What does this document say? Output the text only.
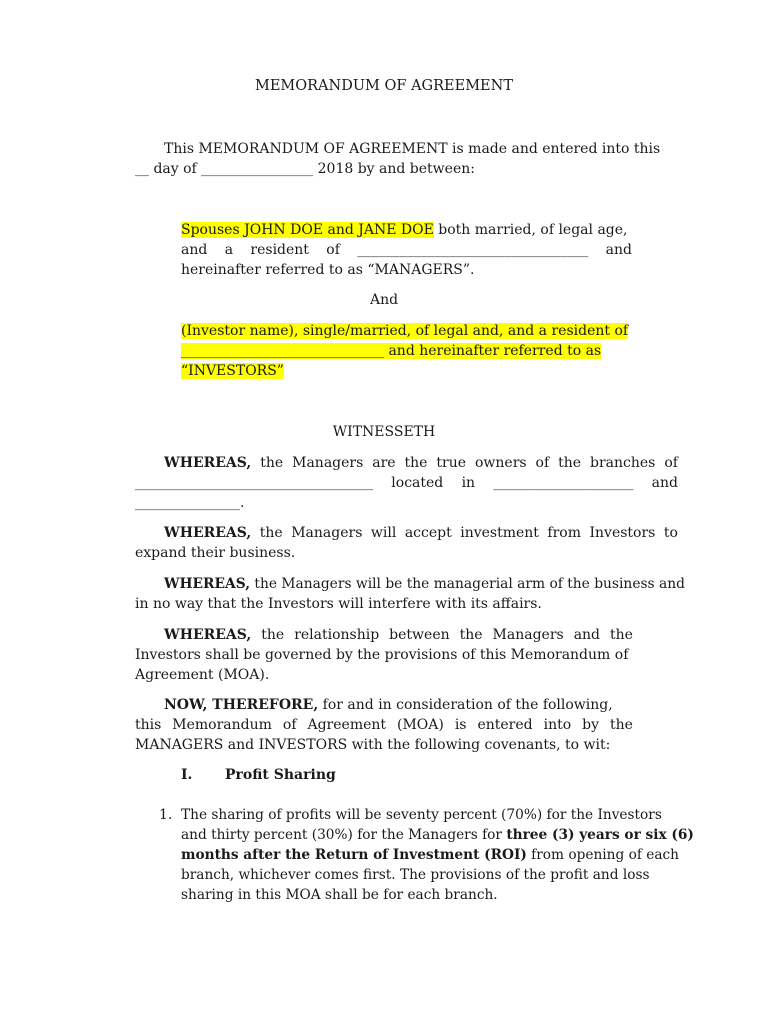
MEMORANDUM OF AGREEMENT
This MEMORANDUM OF AGREEMENT is made and entered into this
__ day of ________________ 2018 by and between:
Spouses JOHN DOE and JANE DOE both married, of legal age,
and a resident of _________________________________ and
hereinafter referred to as “MANAGERS”.
And
(Investor name), single/married, of legal and, and a resident of
_____________________________ and hereinafter referred to as
“INVESTORS”
WITNESSETH
WHEREAS, the Managers are the true owners of the branches of
__________________________________ located in ____________________ and
_______________.
WHEREAS, the Managers will accept investment from Investors to
expand their business.
WHEREAS, the Managers will be the managerial arm of the business and
in no way that the Investors will interfere with its affairs.
WHEREAS, the relationship between the Managers and the
Investors shall be governed by the provisions of this Memorandum of
Agreement (MOA).
NOW, THEREFORE, for and in consideration of the following,
this Memorandum of Agreement (MOA) is entered into by the
MANAGERS and INVESTORS with the following covenants, to wit:
I. Profit Sharing
1. The sharing of profits will be seventy percent (70%) for the Investors
and thirty percent (30%) for the Managers for three (3) years or six (6)
months after the Return of Investment (ROI) from opening of each
branch, whichever comes first. The provisions of the profit and loss
sharing in this MOA shall be for each branch.
